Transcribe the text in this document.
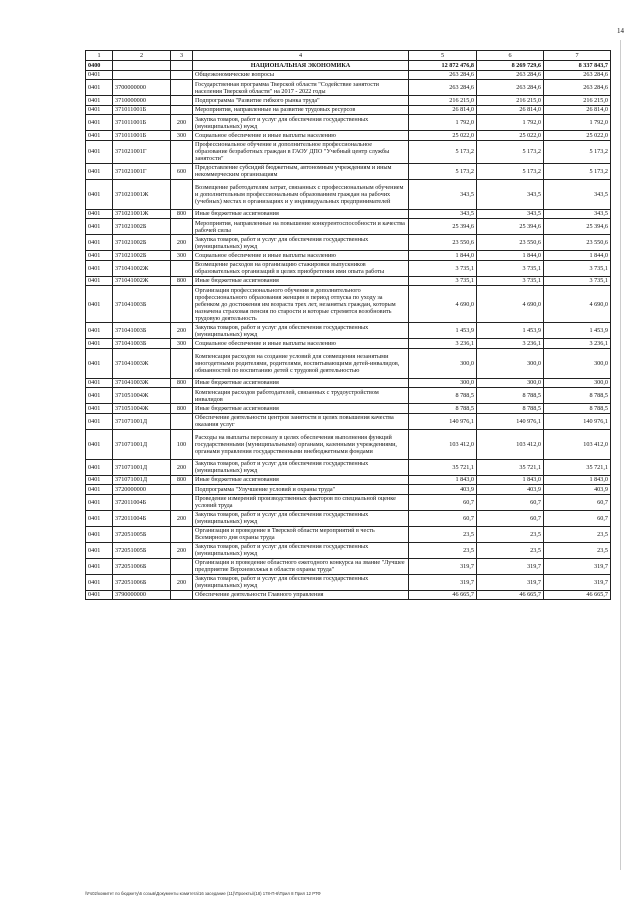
14
1	2	3	4	5	6	7
0400			НАЦИОНАЛЬНАЯ ЭКОНОМИКА	12 872 476,8	8 269 729,6	8 337 843,7
0401			Общеэкономические вопросы	263 284,6	263 284,6	263 284,6
0401	3700000000		Государственная программа Тверской области "Содействие занятости населения Тверской области" на 2017 - 2022 годы	263 284,6	263 284,6	263 284,6
0401	3710000000		Подпрограмма "Развитие гибкого рынка труда"	216 215,0	216 215,0	216 215,0
0401	371011001Б		Мероприятия, направленные на развитие трудовых ресурсов	26 814,0	26 814,0	26 814,0
0401	371011001Б	200	Закупка товаров, работ и услуг для обеспечения государственных (муниципальных) нужд	1 792,0	1 792,0	1 792,0
0401	371011001Б	300	Социальное обеспечение и иные выплаты населению	25 022,0	25 022,0	25 022,0
0401	371021001Г		Профессиональное обучение и дополнительное профессиональное образование безработных граждан в ГАОУ ДПО "Учебный центр службы занятости"	5 173,2	5 173,2	5 173,2
0401	371021001Г	600	Предоставление субсидий бюджетным, автономным учреждениям и иным некоммерческим организациям	5 173,2	5 173,2	5 173,2
0401	371021001Ж		Возмещение работодателям затрат, связанных с профессиональным обучением и дополнительным профессиональным образованием граждан на рабочих (учебных) местах в организациях и у индивидуальных предпринимателей	343,5	343,5	343,5
0401	371021001Ж	800	Иные бюджетные ассигнования	343,5	343,5	343,5
0401	371021002Б		Мероприятия, направленные на повышение конкурентоспособности и качества рабочей силы	25 394,6	25 394,6	25 394,6
0401	371021002Б	200	Закупка товаров, работ и услуг для обеспечения государственных (муниципальных) нужд	23 550,6	23 550,6	23 550,6
0401	371021002Б	300	Социальное обеспечение и иные выплаты населению	1 844,0	1 844,0	1 844,0
0401	371041002Ж		Возмещение расходов на организацию стажировки выпускников образовательных организаций в целях приобретения ими опыта работы	3 735,1	3 735,1	3 735,1
0401	371041002Ж	800	Иные бюджетные ассигнования	3 735,1	3 735,1	3 735,1
0401	371041003Б		Организация профессионального обучения и дополнительного профессионального образования женщин в период отпуска по уходу за ребенком до достижения им возраста трех лет, незанятых граждан, которым назначена страховая пенсия по старости и которые стремятся возобновить трудовую деятельность	4 690,0	4 690,0	4 690,0
0401	371041003Б	200	Закупка товаров, работ и услуг для обеспечения государственных (муниципальных) нужд	1 453,9	1 453,9	1 453,9
0401	371041003Б	300	Социальное обеспечение и иные выплаты населению	3 236,1	3 236,1	3 236,1
0401	371041003Ж		Компенсация расходов на создание условий для совмещения незанятыми многодетными родителями, родителями, воспитывающими детей-инвалидов, обязанностей по воспитанию детей с трудовой деятельностью	300,0	300,0	300,0
0401	371041003Ж	800	Иные бюджетные ассигнования	300,0	300,0	300,0
0401	371051004Ж		Компенсация расходов работодателей, связанных с трудоустройством инвалидов	8 788,5	8 788,5	8 788,5
0401	371051004Ж	800	Иные бюджетные ассигнования	8 788,5	8 788,5	8 788,5
0401	371071001Д		Обеспечение деятельности центров занятости в целях повышения качества оказания услуг	140 976,1	140 976,1	140 976,1
0401	371071001Д	100	Расходы на выплаты персоналу в целях обеспечения выполнения функций государственными (муниципальными) органами, казенными учреждениями, органами управления государственными внебюджетными фондами	103 412,0	103 412,0	103 412,0
0401	371071001Д	200	Закупка товаров, работ и услуг для обеспечения государственных (муниципальных) нужд	35 721,1	35 721,1	35 721,1
0401	371071001Д	800	Иные бюджетные ассигнования	1 843,0	1 843,0	1 843,0
0401	3720000000		Подпрограмма "Улучшение условий и охраны труда"	403,9	403,9	403,9
0401	372011004Б		Проведение измерений производственных факторов по специальной оценке условий труда	60,7	60,7	60,7
0401	372011004Б	200	Закупка товаров, работ и услуг для обеспечения государственных (муниципальных) нужд	60,7	60,7	60,7
0401	372051005Б		Организация и проведение в Тверской области мероприятий в честь Всемирного дня охраны труда	23,5	23,5	23,5
0401	372051005Б	200	Закупка товаров, работ и услуг для обеспечения государственных (муниципальных) нужд	23,5	23,5	23,5
0401	372051006Б		Организация и проведение областного ежегодного конкурса на звание "Лучшее предприятие Верхневолжья в области охраны труда"	319,7	319,7	319,7
0401	372051006Б	200	Закупка товаров, работ и услуг для обеспечения государственных (муниципальных) нужд	319,7	319,7	319,7
0401	3790000000		Обеспечение деятельности Главного управления	46 665,7	46 665,7	46 665,7
\\Fs02\комитет по бюджету\6 созыв\Документы комитета\16 заседание (11)\Проекты\(18) 178-П-6\Прил 8 Прил 12 РТФ
